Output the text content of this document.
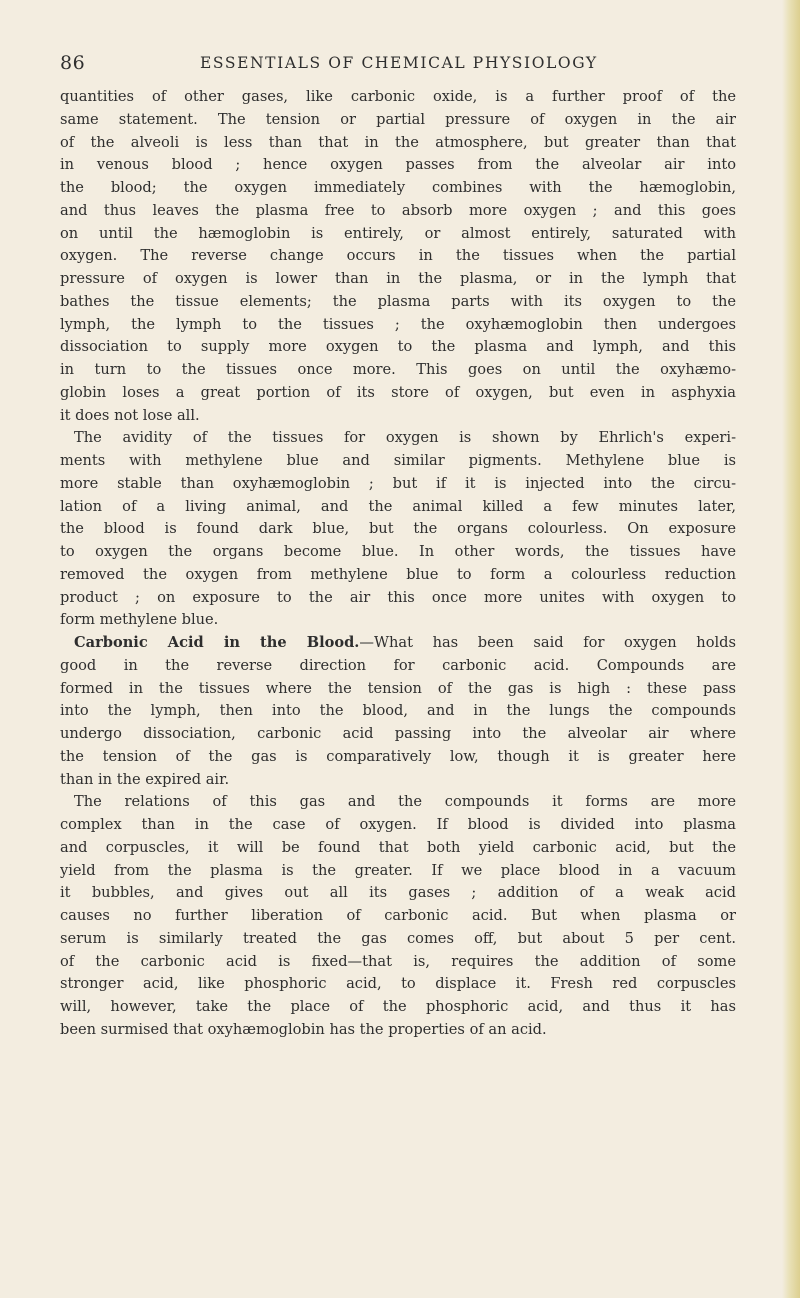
86	ESSENTIALS OF CHEMICAL PHYSIOLOGY
quantities of other gases, like carbonic oxide, is a further proof of the
same statement. The tension or partial pressure of oxygen in the air
of the alveoli is less than that in the atmosphere, but greater than that
in venous blood ; hence oxygen passes from the alveolar air into
the blood; the oxygen immediately combines with the hæmoglobin,
and thus leaves the plasma free to absorb more oxygen ; and this goes
on until the hæmoglobin is entirely, or almost entirely, saturated with
oxygen. The reverse change occurs in the tissues when the partial
pressure of oxygen is lower than in the plasma, or in the lymph that
bathes the tissue elements; the plasma parts with its oxygen to the
lymph, the lymph to the tissues ; the oxyhæmoglobin then undergoes
dissociation to supply more oxygen to the plasma and lymph, and this
in turn to the tissues once more. This goes on until the oxyhæmo-
globin loses a great portion of its store of oxygen, but even in asphyxia
it does not lose all.
The avidity of the tissues for oxygen is shown by Ehrlich's experi-
ments with methylene blue and similar pigments. Methylene blue is
more stable than oxyhæmoglobin ; but if it is injected into the circu-
lation of a living animal, and the animal killed a few minutes later,
the blood is found dark blue, but the organs colourless. On exposure
to oxygen the organs become blue. In other words, the tissues have
removed the oxygen from methylene blue to form a colourless reduction
product ; on exposure to the air this once more unites with oxygen to
form methylene blue.
Carbonic Acid in the Blood.—What has been said for oxygen holds
good in the reverse direction for carbonic acid. Compounds are
formed in the tissues where the tension of the gas is high : these pass
into the lymph, then into the blood, and in the lungs the compounds
undergo dissociation, carbonic acid passing into the alveolar air where
the tension of the gas is comparatively low, though it is greater here
than in the expired air.
The relations of this gas and the compounds it forms are more
complex than in the case of oxygen. If blood is divided into plasma
and corpuscles, it will be found that both yield carbonic acid, but the
yield from the plasma is the greater. If we place blood in a vacuum
it bubbles, and gives out all its gases ; addition of a weak acid
causes no further liberation of carbonic acid. But when plasma or
serum is similarly treated the gas comes off, but about 5 per cent.
of the carbonic acid is fixed—that is, requires the addition of some
stronger acid, like phosphoric acid, to displace it. Fresh red corpuscles
will, however, take the place of the phosphoric acid, and thus it has
been surmised that oxyhæmoglobin has the properties of an acid.
